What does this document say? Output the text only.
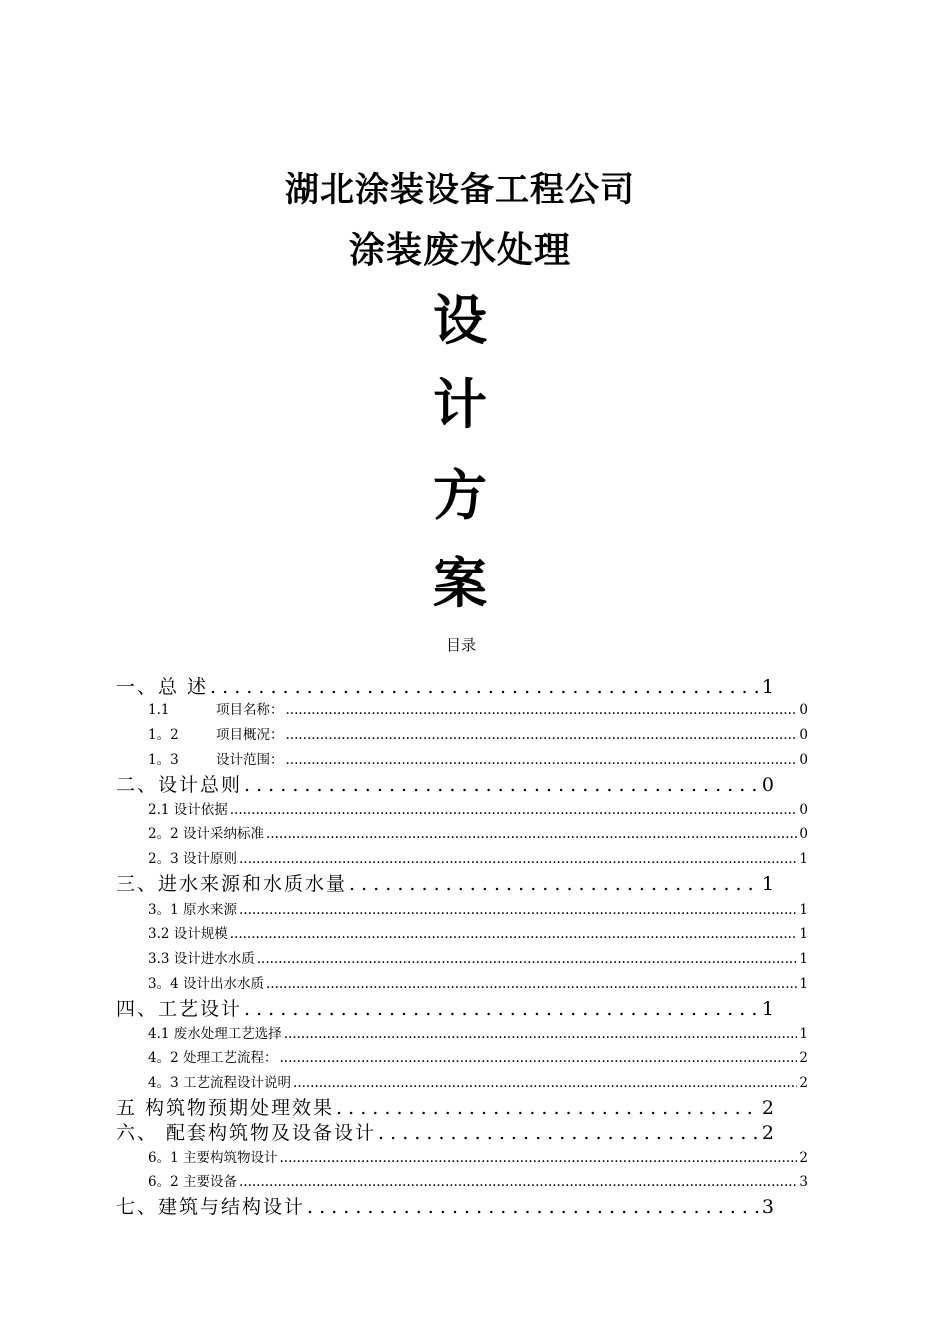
湖北涂装设备工程公司
涂装废水处理
设
计
方
案
目录
一、总 述 . . .	1
1.1	项目名称： .....	0
1。2	项目概况： .....	0
1。3	设计范围： .....	0
二、设计总则 . . .	0
2.1 设计依据 .....	0
2。2 设计采纳标准 .....	0
2。3 设计原则 .....	1
三、进水来源和水质水量 . . .	1
3。1 原水来源 .....	1
3.2 设计规模 .....	1
3.3 设计进水水质 .....	1
3。4 设计出水水质 .....	1
四、工艺设计 . . .	1
4.1 废水处理工艺选择 .....	1
4。2 处理工艺流程： .....	2
4。3 工艺流程设计说明 .....	2
五 构筑物预期处理效果 . . .	2
六、 配套构筑物及设备设计 . . .	2
6。1 主要构筑物设计 .....	2
6。2 主要设备 .....	3
七、建筑与结构设计 . . .	3
